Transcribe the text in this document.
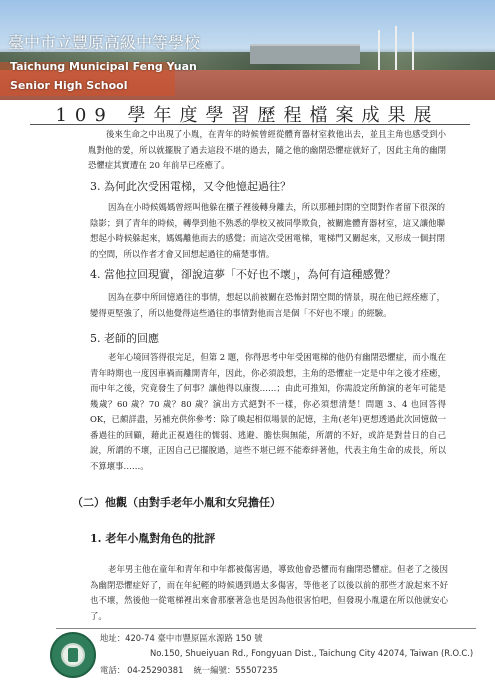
臺中市立豐原高級中等學校

Taichung Municipal Feng Yuan

Senior High School

109 學年度學習歷程檔案成果展

後來生命之中出現了小胤，在青年的時候曾經從體育器材室救他出去，並且主角也感受到小胤對他的愛，所以就擺脫了過去這段不堪的過去，隨之他的幽閉恐懼症就好了，因此主角的幽閉恐懼症其實遭在 20 年前早已痊癒了。

3. 為何此次受困電梯，又令他憶起過往？

因為在小時候媽媽曾經叫他躲在櫃子裡後轉身離去，所以那種封閉的空間對作者留下很深的陰影；到了青年的時候，轉學到他不熟悉的學校又被同學欺負，被關進體育器材室，這又讓他聯想起小時候躲起來，媽媽離他而去的感覺；而這次受困電梯，電梯門又關起來，又形成一個封閉的空間，所以作者才會又回想起過往的痛楚事情。

4. 當他拉回現實，卻說這夢「不好也不壞」，為何有這種感覺？

因為在夢中所回憶過往的事情，想起以前被關在恐怖封閉空間的情景，現在他已經痊癒了，變得更堅強了，所以他覺得這些過往的事情對他而言是個「不好也不壞」的經驗。

5. 老師的回應

老年心境回答得很完足，但第 2 題，你得思考中年受困電梯的他仍有幽閉恐懼症，而小胤在青年時期也一度因車禍而離開青年，因此，你必須設想，主角的恐懼症一定是中年之後才痊癒，而中年之後，究竟發生了何事？讓他得以康復……；由此可推知，你需設定所飾演的老年可能是幾歲？60 歲？70 歲？80 歲？演出方式絕對不一樣，你必須想清楚！問題 3、4 也回答得 OK，已頗詳盡，另補充供你參考：除了喚起相似場景的記憶，主角(老年)更想透過此次回憶做一番過往的回顧，藉此正視過往的懦弱、逃避、膽怯與無能，所謂的不好，或許是對昔日的自己說，所謂的不壞，正因自己已擺脫過，這些不堪已經不能牽絆著他，代表主角生命的成長，所以不算壞事……。

（二）他觀（由對手老年小胤和女兒擔任）

1. 老年小胤對角色的批評

老年男主他在童年和青年和中年都被傷害過，導致他會恐懼而有幽閉恐懼症。但老了之後因為幽閉恐懼症好了，而在年紀輕的時候遇到過太多傷害，等他老了以後以前的那些才說起來不好也不壞，然後他一從電梯裡出來會那麼著急也是因為他很害怕吧，但發現小胤還在所以他就安心了。

地址：420-74 臺中市豐原區水源路 150 號

No.150, Shueiyuan Rd., Fongyuan Dist., Taichung City 42074, Taiwan (R.O.C.)

電話： 04-25290381 統一編號：55507235
